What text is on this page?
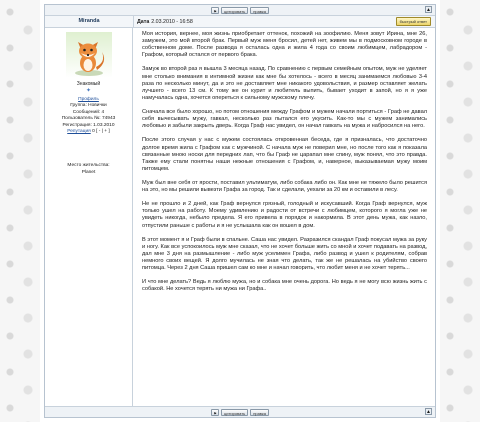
⚑	цитировать	правка	▲
Miranda	Дата 2.03.2010 - 16:58	быстрый ответ
Знакомый
✦
Профиль
Группа: Новички
Сообщений: 4
Пользователь №: 74943
Регистрация: 1.03.2010
Репутация 0 [ - | + ]
Место жительства:
Planet

Моя история, вернее, моя жизнь приобретает оттенок, похожий на зоофилию. Меня зовут Ирина, мне 26, замужем, это мой второй брак. Первый муж меня бросил, детей нет, живем мы в подмосковном городе в собственном доме. После развода я осталась одна и жила 4 года со своим любимцем, лабрадором - Графом, который остался от первого брака.

Замуж во второй раз я вышла 3 месяца назад. По сравнению с первым семейным опытом, муж не уделяет мне столько внимания в интимной жизни как мне бы хотелось - всего в месяц занимаемся любовью 3-4 раза по несколько минут, да и это не доставляет мне никакого удовольствия, и размер оставляет желать лучшего - всего 13 см. К тому же он курит и любитель выпить, бывает уходит в запой, но я я уже намучалась одна, хочется опереться к сильному мужскому плечу.

Сначала все было хорошо, но потом отношения между Графом и мужем начали портиться - Граф не давал себя вычесывать мужу, гавкал, несколько раз пытался его укусить. Как-то мы с мужем занимались любовью и забыли закрыть дверь. Когда Граф нас увидел, он начал гавкать на мужа и набросился на него.

После этого случая у нас с мужем состоялась откровенная беседа, где я призналась, что достаточно долгое время жила с Графом как с мужчиной. С начала муж не поверил мне, но после того как я показала связанные мною носки для передних лап, что бы Граф не царапал мне спину, муж понял, что это правда. Также ему стали понятны наши нежные отношения с Графом, и, наверное, выказываемая мужу моим питомцем.

Муж был вне себя от ярости, поставил ультиматум, либо собака либо он. Как мне не тяжело было решится на это, но мы решили вывезти Графа за город. Так и сделали, уехали за 20 км и оставили в лесу.

Не не прошло и 2 дней, как Граф вернулся грязный, голодный и искусавший. Когда Граф вернулся, муж только ушел на работу. Моему удивлению и радости от встречи с любимцем, которого я могла уже не увидеть никогда, небыло предела. Я его привела в порядок и накормила. В этот день мужа, как назло, отпустили раньше с работы и я не услышала как он вошел в дом.

В этот момент я и Граф были в спальне. Саша нас увидел. Разразился скандал Граф покусал мужа за руку и ногу. Как все успокоилось муж мне сказал, что не хочет больше жить со мной и хочет подавать на развод, дал мне 3 дня на размышление - либо муж уселимен Графа, либо развод и ушел к родителям, собрав немного своих вещей. Я долго мучилась не зная что делать, так же не решалась на убийство своего питомца. Через 2 дня Саша пришел сам ко мне и начал говорить, что любит меня и не хочет терять...

И что мне делать? Ведь я люблю мужа, но и собака мне очень дорога. Но ведь я не могу всю жизнь жить с собакой. Не хочется терять ни мужа ни Графа..

⚑	цитировать	правка	▲
